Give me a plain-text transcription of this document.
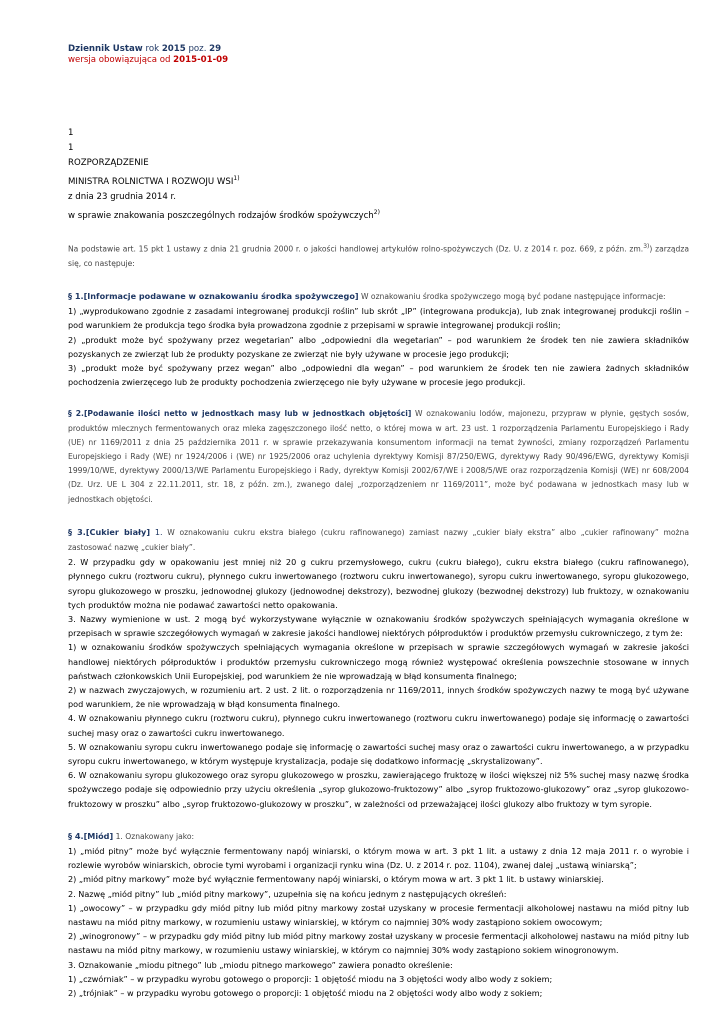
Dziennik Ustaw rok 2015 poz. 29
wersja obowiązująca od 2015-01-09
1
1
ROZPORZĄDZENIE
MINISTRA ROLNICTWA I ROZWOJU WSI$^{1)}$
z dnia 23 grudnia 2014 r.
w sprawie znakowania poszczególnych rodzajów środków spożywczych$^{2)}$

Na podstawie art. 15 pkt 1 ustawy z dnia 21 grudnia 2000 r. o jakości handlowej artykułów rolno-spożywczych (Dz. U. z 2014 r. poz. 669, z późn. zm.$^{3)}$) zarządza się, co następuje:

§ 1.[Informacje podawane w oznakowaniu środka spożywczego] W oznakowaniu środka spożywczego mogą być podane następujące informacje:

1) „wyprodukowano zgodnie z zasadami integrowanej produkcji roślin” lub skrót „IP” (integrowana produkcja), lub znak integrowanej produkcji roślin – pod warunkiem że produkcja tego środka była prowadzona zgodnie z przepisami w sprawie integrowanej produkcji roślin;

2) „produkt może być spożywany przez wegetarian” albo „odpowiedni dla wegetarian” – pod warunkiem że środek ten nie zawiera składników pozyskanych ze zwierząt lub że produkty pozyskane ze zwierząt nie były używane w procesie jego produkcji;

3) „produkt może być spożywany przez wegan” albo „odpowiedni dla wegan” – pod warunkiem że środek ten nie zawiera żadnych składników pochodzenia zwierzęcego lub że produkty pochodzenia zwierzęcego nie były używane w procesie jego produkcji.

§ 2.[Podawanie ilości netto w jednostkach masy lub w jednostkach objętości] W oznakowaniu lodów, majonezu, przypraw w płynie, gęstych sosów, produktów mlecznych fermentowanych oraz mleka zagęszczonego ilość netto, o której mowa w art. 23 ust. 1 rozporządzenia Parlamentu Europejskiego i Rady (UE) nr 1169/2011 z dnia 25 października 2011 r. w sprawie przekazywania konsumentom informacji na temat żywności, zmiany rozporządzeń Parlamentu Europejskiego i Rady (WE) nr 1924/2006 i (WE) nr 1925/2006 oraz uchylenia dyrektywy Komisji 87/250/EWG, dyrektywy Rady 90/496/EWG, dyrektywy Komisji 1999/10/WE, dyrektywy 2000/13/WE Parlamentu Europejskiego i Rady, dyrektyw Komisji 2002/67/WE i 2008/5/WE oraz rozporządzenia Komisji (WE) nr 608/2004 (Dz. Urz. UE L 304 z 22.11.2011, str. 18, z późn. zm.), zwanego dalej „rozporządzeniem nr 1169/2011”, może być podawana w jednostkach masy lub w jednostkach objętości.

§ 3.[Cukier biały] 1. W oznakowaniu cukru ekstra białego (cukru rafinowanego) zamiast nazwy „cukier biały ekstra” albo „cukier rafinowany” można zastosować nazwę „cukier biały”.

2. W przypadku gdy w opakowaniu jest mniej niż 20 g cukru przemysłowego, cukru (cukru białego), cukru ekstra białego (cukru rafinowanego), płynnego cukru (roztworu cukru), płynnego cukru inwertowanego (roztworu cukru inwertowanego), syropu cukru inwertowanego, syropu glukozowego, syropu glukozowego w proszku, jednowodnej glukozy (jednowodnej dekstrozy), bezwodnej glukozy (bezwodnej dekstrozy) lub fruktozy, w oznakowaniu tych produktów można nie podawać zawartości netto opakowania.

3. Nazwy wymienione w ust. 2 mogą być wykorzystywane wyłącznie w oznakowaniu środków spożywczych spełniających wymagania określone w przepisach w sprawie szczegółowych wymagań w zakresie jakości handlowej niektórych półproduktów i produktów przemysłu cukrowniczego, z tym że:

1) w oznakowaniu środków spożywczych spełniających wymagania określone w przepisach w sprawie szczegółowych wymagań w zakresie jakości handlowej niektórych półproduktów i produktów przemysłu cukrowniczego mogą również występować określenia powszechnie stosowane w innych państwach członkowskich Unii Europejskiej, pod warunkiem że nie wprowadzają w błąd konsumenta finalnego;

2) w nazwach zwyczajowych, w rozumieniu art. 2 ust. 2 lit. o rozporządzenia nr 1169/2011, innych środków spożywczych nazwy te mogą być używane pod warunkiem, że nie wprowadzają w błąd konsumenta finalnego.

4. W oznakowaniu płynnego cukru (roztworu cukru), płynnego cukru inwertowanego (roztworu cukru inwertowanego) podaje się informację o zawartości suchej masy oraz o zawartości cukru inwertowanego.

5. W oznakowaniu syropu cukru inwertowanego podaje się informację o zawartości suchej masy oraz o zawartości cukru inwertowanego, a w przypadku syropu cukru inwertowanego, w którym występuje krystalizacja, podaje się dodatkowo informację „skrystalizowany”.

6. W oznakowaniu syropu glukozowego oraz syropu glukozowego w proszku, zawierającego fruktozę w ilości większej niż 5% suchej masy nazwę środka spożywczego podaje się odpowiednio przy użyciu określenia „syrop glukozowo-fruktozowy” albo „syrop fruktozowo-glukozowy” oraz „syrop glukozowo-fruktozowy w proszku” albo „syrop fruktozowo-glukozowy w proszku”, w zależności od przeważającej ilości glukozy albo fruktozy w tym syropie.

§ 4.[Miód] 1. Oznakowany jako:

1) „miód pitny” może być wyłącznie fermentowany napój winiarski, o którym mowa w art. 3 pkt 1 lit. a ustawy z dnia 12 maja 2011 r. o wyrobie i rozlewie wyrobów winiarskich, obrocie tymi wyrobami i organizacji rynku wina (Dz. U. z 2014 r. poz. 1104), zwanej dalej „ustawą winiarską”;

2) „miód pitny markowy” może być wyłącznie fermentowany napój winiarski, o którym mowa w art. 3 pkt 1 lit. b ustawy winiarskiej.

2. Nazwę „miód pitny” lub „miód pitny markowy”, uzupełnia się na końcu jednym z następujących określeń:

1) „owocowy” – w przypadku gdy miód pitny lub miód pitny markowy został uzyskany w procesie fermentacji alkoholowej nastawu na miód pitny lub nastawu na miód pitny markowy, w rozumieniu ustawy winiarskiej, w którym co najmniej 30% wody zastąpiono sokiem owocowym;

2) „winogronowy” – w przypadku gdy miód pitny lub miód pitny markowy został uzyskany w procesie fermentacji alkoholowej nastawu na miód pitny lub nastawu na miód pitny markowy, w rozumieniu ustawy winiarskiej, w którym co najmniej 30% wody zastąpiono sokiem winogronowym.

3. Oznakowanie „miodu pitnego” lub „miodu pitnego markowego” zawiera ponadto określenie:

1) „czwórniak” – w przypadku wyrobu gotowego o proporcji: 1 objętość miodu na 3 objętości wody albo wody z sokiem;

2) „trójniak” – w przypadku wyrobu gotowego o proporcji: 1 objętość miodu na 2 objętości wody albo wody z sokiem;
